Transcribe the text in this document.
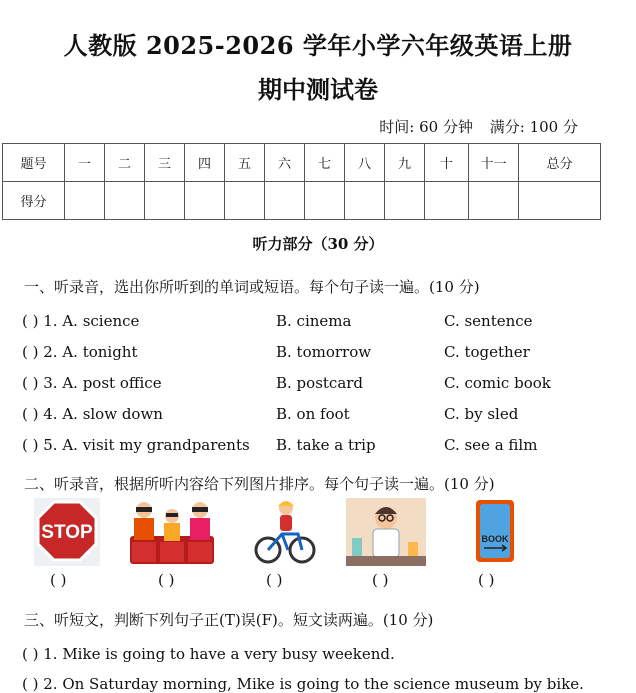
人教版 2025-2026 学年小学六年级英语上册
期中测试卷
时间: 60 分钟 满分: 100 分
题号	一	二	三	四	五	六	七	八	九	十	十一	总分
得分												
听力部分（30 分）
一、听录音，选出你所听到的单词或短语。每个句子读一遍。(10 分)
( ) 1. A. science	B. cinema	C. sentence
( ) 2. A. tonight	B. tomorrow	C. together
( ) 3. A. post office	B. postcard	C. comic book
( ) 4. A. slow down	B. on foot	C. by sled
( ) 5. A. visit my grandparents B. take a trip	C. see a film
二、听录音，根据所听内容给下列图片排序。每个句子读一遍。(10 分)
STOP	BOOK
( )	( )	( )	( )	( )
三、听短文，判断下列句子正(T)误(F)。短文读两遍。(10 分)
( ) 1. Mike is going to have a very busy weekend.
( ) 2. On Saturday morning, Mike is going to the science museum by bike.
